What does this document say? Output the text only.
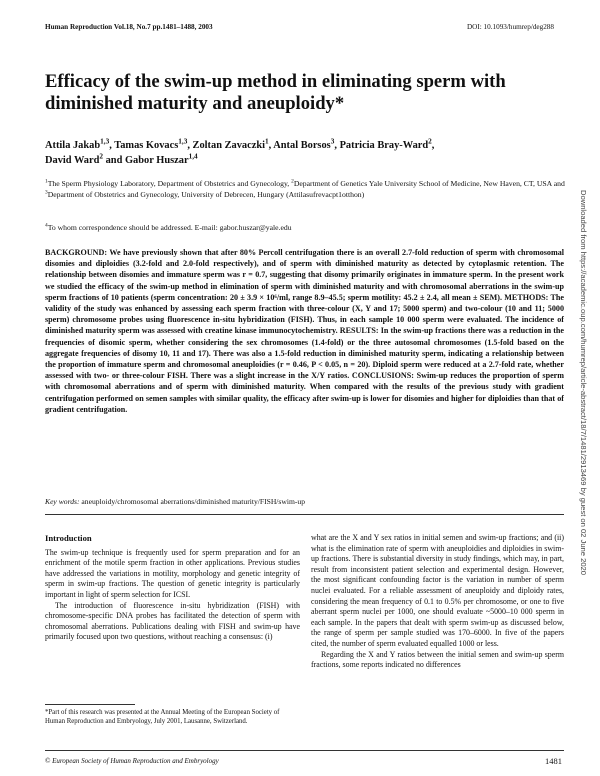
Human Reproduction Vol.18, No.7 pp.1481–1488, 2003	DOI: 10.1093/humrep/deg288
Efficacy of the swim-up method in eliminating sperm with diminished maturity and aneuploidy*
Attila Jakab$^{1,3}$, Tamas Kovacs$^{1,3}$, Zoltan Zavaczki$^1$, Antal Borsos$^3$, Patricia Bray-Ward$^2$,
David Ward$^2$ and Gabor Huszar$^{1,4}$
$^1$The Sperm Physiology Laboratory, Department of Obstetrics and Gynecology, $^2$Department of Genetics Yale University School of Medicine, New Haven, CT, USA and $^3$Department of Obstetrics and Gynecology, University of Debrecen, Hungary (Attilasufrevacpt1otthon)
$^4$To whom correspondence should be addressed. E-mail: gabor.huszar@yale.edu
BACKGROUND: We have previously shown that after 80% Percoll centrifugation there is an overall 2.7-fold reduction of sperm with chromosomal disomies and diploidies (3.2-fold and 2.0-fold respectively), and of sperm with diminished maturity as detected by cytoplasmic retention. The relationship between disomies and immature sperm was r = 0.7, suggesting that disomy primarily originates in immature sperm. In the present work we studied the efficacy of the swim-up method in elimination of sperm with diminished maturity and with chromosomal aberrations in the swim-up sperm fractions of 10 patients (sperm concentration: 20 ± 3.9 × 10⁶/ml, range 8.9–45.5; sperm motility: 45.2 ± 2.4, all mean ± SEM). METHODS: The validity of the study was enhanced by assessing each sperm fraction with three-colour (X, Y and 17; 5000 sperm) and two-colour (10 and 11; 5000 sperm) chromosome probes using fluorescence in-situ hybridization (FISH). Thus, in each sample 10 000 sperm were evaluated. The incidence of diminished maturity sperm was assessed with creatine kinase immunocytochemistry. RESULTS: In the swim-up fractions there was a reduction in the frequencies of disomic sperm, whether considering the sex chromosomes (1.4-fold) or the three autosomal chromosomes (1.5-fold based on the aggregate frequencies of disomy 10, 11 and 17). There was also a 1.5-fold reduction in diminished maturity sperm, indicating a relationship between the proportion of immature sperm and chromosomal aneuploidies (r = 0.46, P < 0.05, n = 20). Diploid sperm were reduced at a 2.7-fold rate, whether assessed with two- or three-colour FISH. There was a slight increase in the X/Y ratios. CONCLUSIONS: Swim-up reduces the proportion of sperm with chromosomal aberrations and of sperm with diminished maturity. When compared with the results of the previous study with gradient centrifugation performed on semen samples with similar quality, the efficacy after swim-up is lower for disomies and higher for diploidies than that of gradient centrifugation.
Key words: aneuploidy/chromosomal aberrations/diminished maturity/FISH/swim-up
Introduction

The swim-up technique is frequently used for sperm preparation and for an enrichment of the motile sperm fraction in other applications. Previous studies have addressed the variations in motility, morphology and genetic integrity of sperm in swim-up fractions. The question of genetic integrity is particularly important in light of sperm selection for ICSI.

The introduction of fluorescence in-situ hybridization (FISH) with chromosome-specific DNA probes has facilitated the detection of sperm with chromosomal aberrations. Publications dealing with FISH and swim-up have primarily focused upon two questions, without reaching a consensus: (i)

what are the X and Y sex ratios in initial semen and swim-up fractions; and (ii) what is the elimination rate of sperm with aneuploidies and diploidies in swim-up fractions. There is substantial diversity in study findings, which may, in part, result from inconsistent patient selection and experimental design. However, the most significant confounding factor is the variation in number of sperm nuclei evaluated. For a reliable assessment of aneuploidy and diploidy rates, considering the mean frequency of 0.1 to 0.5% per chromosome, or one to five aberrant sperm nuclei per 1000, one should evaluate ~5000–10 000 sperm in each sample. In the papers that dealt with sperm swim-up as discussed below, the range of sperm per sample studied was 170–6000. In five of the papers cited, the number of sperm evaluated equalled 1000 or less.

Regarding the X and Y ratios between the initial semen and swim-up sperm fractions, some reports indicated no differences

*Part of this research was presented at the Annual Meeting of the European Society of Human Reproduction and Embryology, July 2001, Lausanne, Switzerland.
© European Society of Human Reproduction and Embryology	1481
Downloaded from https://academic.oup.com/humrep/article-abstract/18/7/1481/2913469 by guest on 02 June 2020
